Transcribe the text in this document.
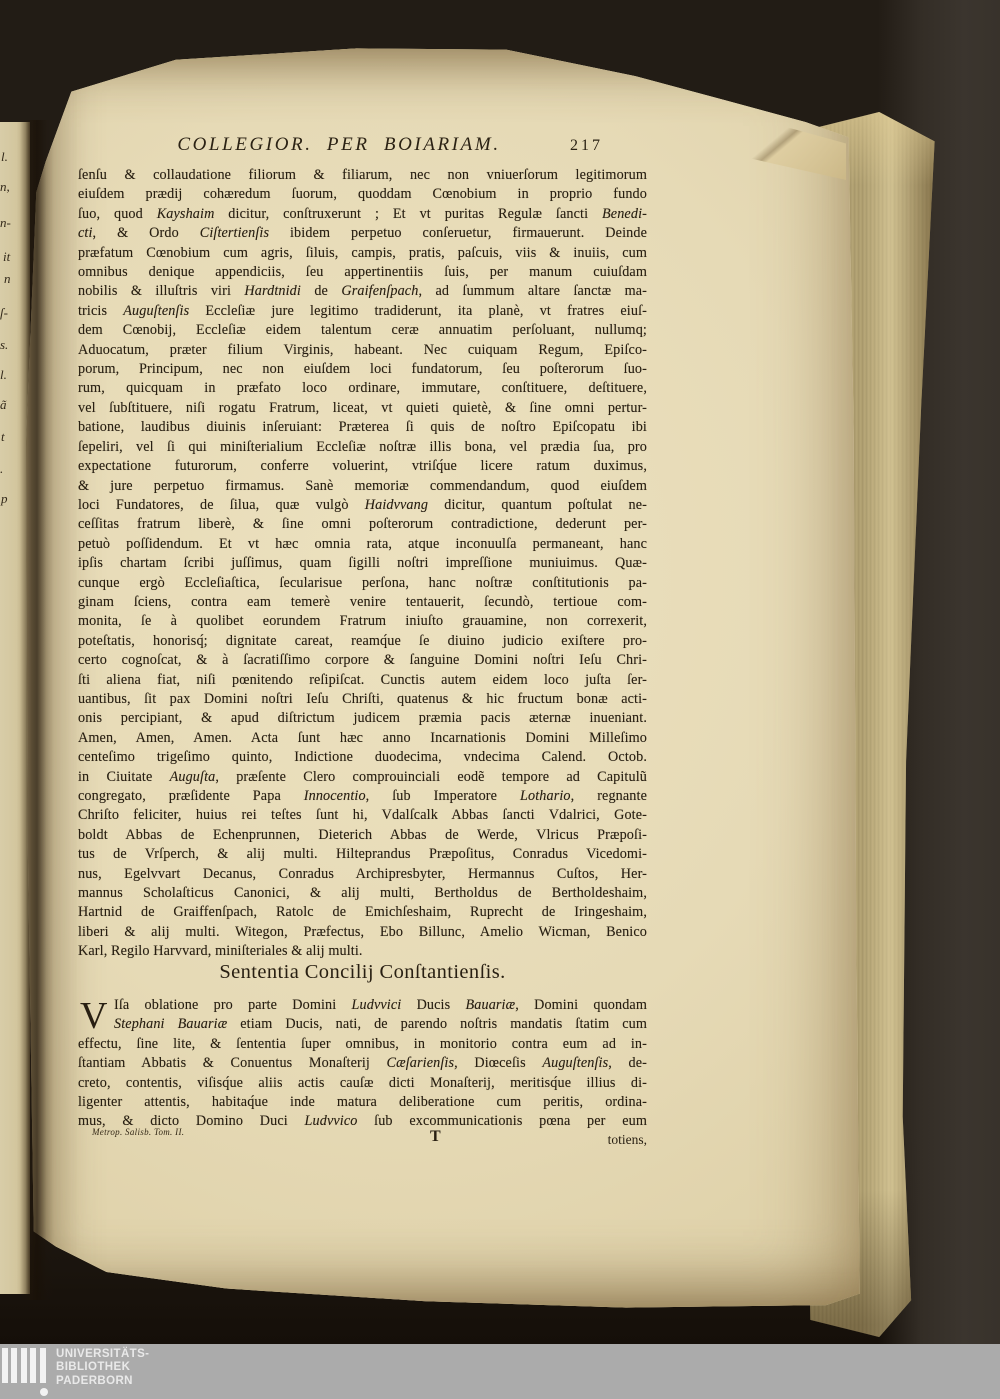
l.
n,
n-
it
n
ſ-
s.
l.
ã
t
.
p
COLLEGIOR. PER BOIARIAM.	217
ſenſu & collaudatione filiorum & filiarum, nec non vniuerſorum legitimorum
eiuſdem prædij cohæredum ſuorum, quoddam Cœnobium in proprio fundo
ſuo, quod Kayshaim dicitur, conſtruxerunt ; Et vt puritas Regulæ ſancti Benedi-
cti, & Ordo Ciſtertienſis ibidem perpetuo conſeruetur, firmauerunt. Deinde
præfatum Cœnobium cum agris, ſiluis, campis, pratis, paſcuis, viis & inuiis, cum
omnibus denique appendiciis, ſeu appertinentiis ſuis, per manum cuiuſdam
nobilis & illuſtris viri Hardtnidi de Graifenſpach, ad ſummum altare ſanctæ ma-
tricis Auguſtenſis Eccleſiæ jure legitimo tradiderunt, ita planè, vt fratres eiuſ-
dem Cœnobij, Eccleſiæ eidem talentum ceræ annuatim perſoluant, nullumq;
Aduocatum, præter filium Virginis, habeant. Nec cuiquam Regum, Epiſco-
porum, Principum, nec non eiuſdem loci fundatorum, ſeu poſterorum ſuo-
rum, quicquam in præfato loco ordinare, immutare, conſtituere, deſtituere,
vel ſubſtituere, niſi rogatu Fratrum, liceat, vt quieti quietè, & ſine omni pertur-
batione, laudibus diuinis inſeruiant: Præterea ſi quis de noſtro Epiſcopatu ibi
ſepeliri, vel ſi qui miniſterialium Eccleſiæ noſtræ illis bona, vel prædia ſua, pro
expectatione futurorum, conferre voluerint, vtriſq́ue licere ratum duximus,
& jure perpetuo firmamus. Sanè memoriæ commendandum, quod eiuſdem
loci Fundatores, de ſilua, quæ vulgò Haidvvang dicitur, quantum poſtulat ne-
ceſſitas fratrum liberè, & ſine omni poſterorum contradictione, dederunt per-
petuò poſſidendum. Et vt hæc omnia rata, atque inconuulſa permaneant, hanc
ipſis chartam ſcribi juſſimus, quam ſigilli noſtri impreſſione muniuimus. Quæ-
cunque ergò Eccleſiaſtica, ſecularisue perſona, hanc noſtræ conſtitutionis pa-
ginam ſciens, contra eam temerè venire tentauerit, ſecundò, tertioue com-
monita, ſe à quolibet eorundem Fratrum iniuſto grauamine, non correxerit,
poteſtatis, honorisq́; dignitate careat, reamq́ue ſe diuino judicio exiſtere pro-
certo cognoſcat, & à ſacratiſſimo corpore & ſanguine Domini noſtri Ieſu Chri-
ſti aliena fiat, niſi pœnitendo reſipiſcat. Cunctis autem eidem loco juſta ſer-
uantibus, ſit pax Domini noſtri Ieſu Chriſti, quatenus & hic fructum bonæ acti-
onis percipiant, & apud diſtrictum judicem præmia pacis æternæ inueniant.
Amen, Amen, Amen. Acta ſunt hæc anno Incarnationis Domini Milleſimo
centeſimo trigeſimo quinto, Indictione duodecima, vndecima Calend. Octob.
in Ciuitate Auguſta, præſente Clero comprouinciali eodẽ tempore ad Capitulũ
congregato, præſidente Papa Innocentio, ſub Imperatore Lothario, regnante
Chriſto feliciter, huius rei teſtes ſunt hi, Vdalſcalk Abbas ſancti Vdalrici, Gote-
boldt Abbas de Echenprunnen, Dieterich Abbas de Werde, Vlricus Præpoſi-
tus de Vrſperch, & alij multi. Hilteprandus Præpoſitus, Conradus Vicedomi-
nus, Egelvvart Decanus, Conradus Archipresbyter, Hermannus Cuſtos, Her-
mannus Scholaſticus Canonici, & alij multi, Bertholdus de Bertholdeshaim,
Hartnid de Graiffenſpach, Ratolc de Emichſeshaim, Ruprecht de Iringeshaim,
liberi & alij multi. Witegon, Præfectus, Ebo Billunc, Amelio Wicman, Benico
Karl, Regilo Harvvard, miniſteriales & alij multi.
Sententia Concilij Conſtantienſis.
V Iſa oblatione pro parte Domini Ludvvici Ducis Bauariæ, Domini quondam
Stephani Bauariæ etiam Ducis, nati, de parendo noſtris mandatis ſtatim cum
effectu, ſine lite, & ſententia ſuper omnibus, in monitorio contra eum ad in-
ſtantiam Abbatis & Conuentus Monaſterij Cæſarienſis, Diœceſis Auguſtenſis, de-
creto, contentis, viſisq́ue aliis actis cauſæ dicti Monaſterij, meritisq́ue illius di-
ligenter attentis, habitaq́ue inde matura deliberatione cum peritis, ordina-
mus, & dicto Domino Duci Ludvvico ſub excommunicationis pœna per eum
Metrop. Salisb. Tom. II.	T	totiens,
UNIVERSITÄTS-
BIBLIOTHEK
PADERBORN
